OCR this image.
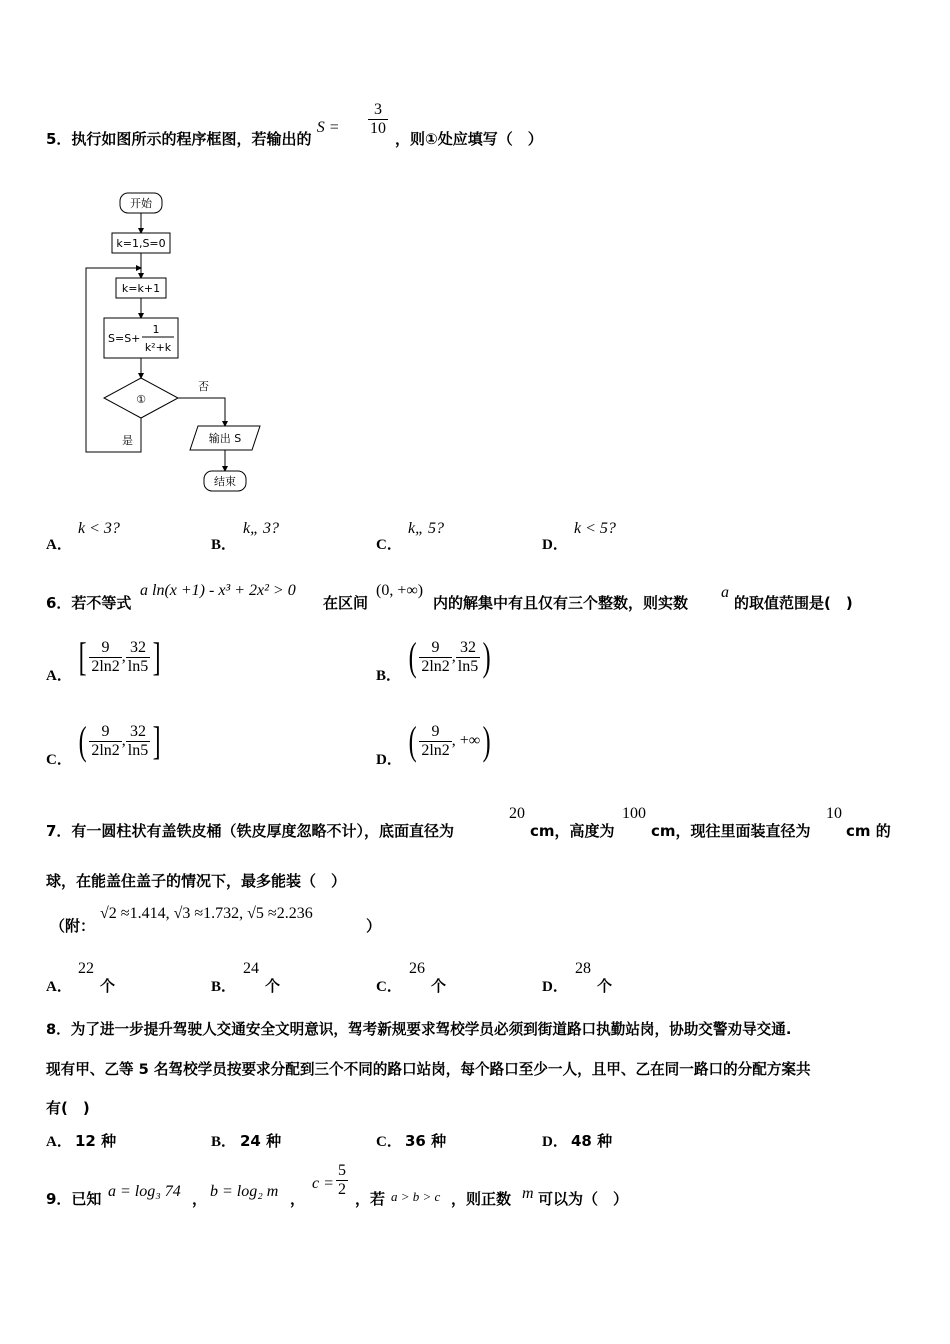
5．执行如图所示的程序框图，若输出的 $S = \frac{3}{10}$
，则①处应填写（　）
开始
k=1,S=0
k=k+1
S=S+
1
k²+k
①
否
是	输出 S
结束
A．
k < 3?
B．
k„ 3?
C．
k„ 5?
D．
k < 5?
6．若不等式
a ln(x +1) - x³ + 2x² > 0
在区间
(0, +∞)
内的解集中有且仅有三个整数，则实数
a
的取值范围是(　)
A． [ $\frac{9}{2\ln 2}$ , $\frac{32}{\ln 5}$ ]	B． ( $\frac{9}{2\ln 2}$ , $\frac{32}{\ln 5}$ )
C． ( $\frac{9}{2\ln 2}$ , $\frac{32}{\ln 5}$ ]	D． ( $\frac{9}{2\ln 2}$ , +∞ )
7．有一圆柱状有盖铁皮桶（铁皮厚度忽略不计），底面直径为
20
cm，高度为
100
cm，现往里面装直径为
10
cm 的
球，在能盖住盖子的情况下，最多能装（　）
（附：
√2 ≈1.414, √3 ≈1.732, √5 ≈2.236
）
A．
22
个	B．
24
个	C．
26
个	D．
28
个
8．为了进一步提升驾驶人交通安全文明意识，驾考新规要求驾校学员必须到街道路口执勤站岗，协助交警劝导交通.
现有甲、乙等 5 名驾校学员按要求分配到三个不同的路口站岗，每个路口至少一人，且甲、乙在同一路口的分配方案共
有(　)
A． 12 种	B． 24 种	C． 36 种	D． 48 种
9．已知 a = log₃ 74 ， b = log₂ m ，
$c = \frac{5}{2}$ ，若 a > b > c ，则正数 m 可以为（　）
